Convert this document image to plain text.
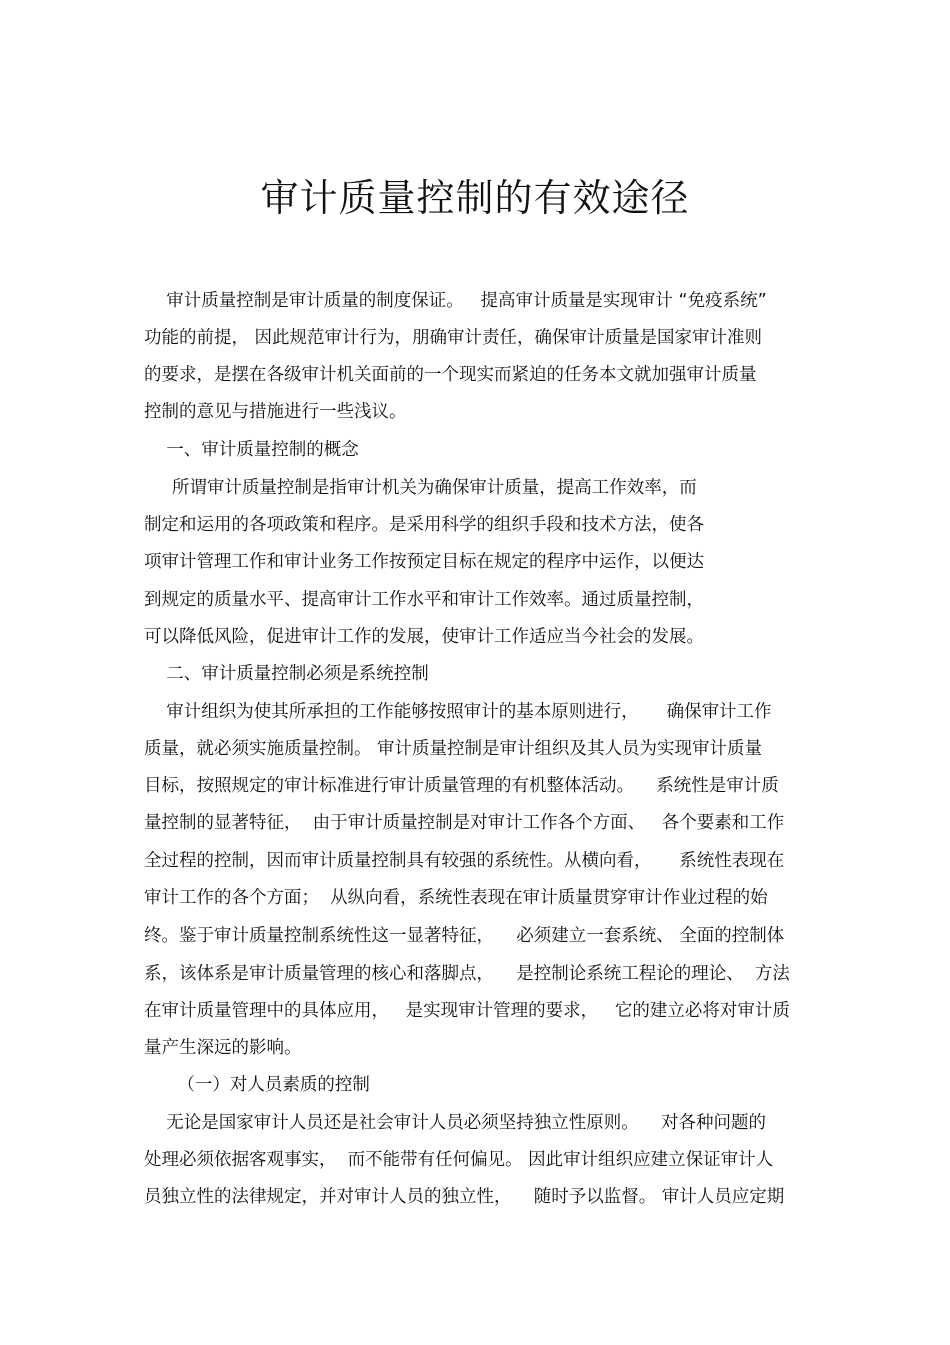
审计质量控制的有效途径
审计质量控制是审计质量的制度保证。   提高审计质量是实现审计 “免疫系统”
功能的前提， 因此规范审计行为，朋确审计责任，确保审计质量是国家审计准则
的要求，是摆在各级审计机关面前的一个现实而紧迫的任务本文就加强审计质量
控制的意见与措施进行一些浅议。
一、审计质量控制的概念
所谓审计质量控制是指审计机关为确保审计质量，提高工作效率，而
制定和运用的各项政策和程序。是采用科学的组织手段和技术方法，使各
项审计管理工作和审计业务工作按预定目标在规定的程序中运作，以便达
到规定的质量水平、提高审计工作水平和审计工作效率。通过质量控制，
可以降低风险，促进审计工作的发展，使审计工作适应当今社会的发展。
二、审计质量控制必须是系统控制
审计组织为使其所承担的工作能够按照审计的基本原则进行，     确保审计工作
质量，就必须实施质量控制。 审计质量控制是审计组织及其人员为实现审计质量
目标，按照规定的审计标准进行审计质量管理的有机整体活动。    系统性是审计质
量控制的显著特征，  由于审计质量控制是对审计工作各个方面、   各个要素和工作
全过程的控制，因而审计质量控制具有较强的系统性。从横向看，     系统性表现在
审计工作的各个方面；  从纵向看，系统性表现在审计质量贯穿审计作业过程的始
终。鉴于审计质量控制系统性这一显著特征，    必须建立一套系统、 全面的控制体
系，该体系是审计质量管理的核心和落脚点，    是控制论系统工程论的理论、  方法
在审计质量管理中的具体应用，   是实现审计管理的要求，   它的建立必将对审计质
量产生深远的影响。
（一）对人员素质的控制
无论是国家审计人员还是社会审计人员必须坚持独立性原则。    对各种问题的
处理必须依据客观事实，  而不能带有任何偏见。 因此审计组织应建立保证审计人
员独立性的法律规定，并对审计人员的独立性，    随时予以监督。 审计人员应定期
